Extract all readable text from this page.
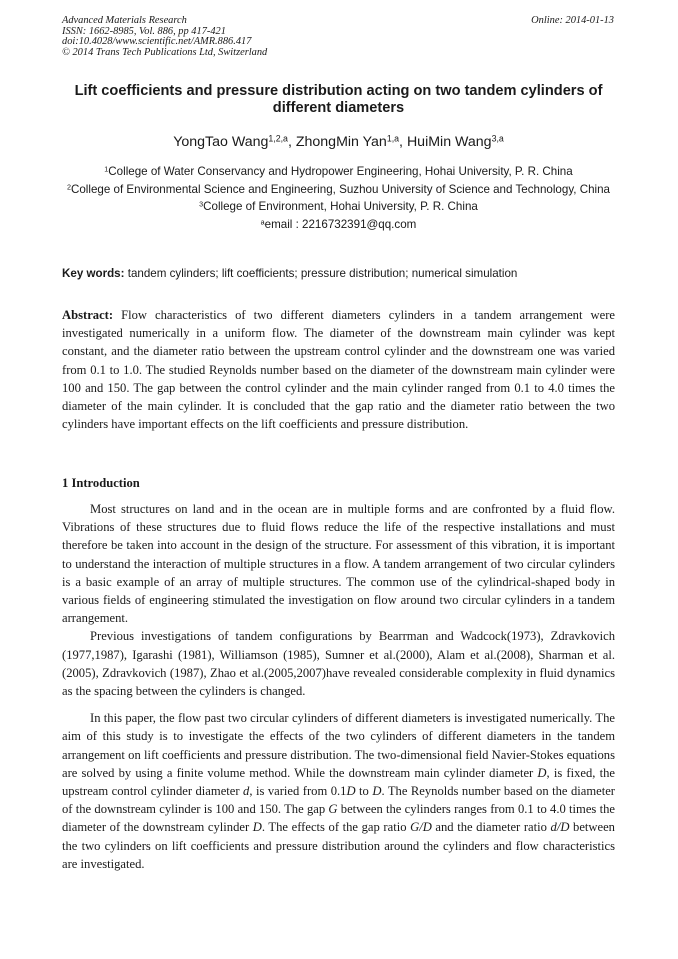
Advanced Materials Research
ISSN: 1662-8985, Vol. 886, pp 417-421
doi:10.4028/www.scientific.net/AMR.886.417
© 2014 Trans Tech Publications Ltd, Switzerland
Online: 2014-01-13
Lift coefficients and pressure distribution acting on two tandem cylinders of different diameters
YongTao Wang$^{1,2,a}$, ZhongMin Yan$^{1,a}$, HuiMin Wang$^{3,a}$
$^1$College of Water Conservancy and Hydropower Engineering, Hohai University, P. R. China
$^2$College of Environmental Science and Engineering, Suzhou University of Science and Technology, China
$^3$College of Environment, Hohai University, P. R. China
$^a$email : 2216732391@qq.com
Key words: tandem cylinders; lift coefficients; pressure distribution; numerical simulation
Abstract: Flow characteristics of two different diameters cylinders in a tandem arrangement were investigated numerically in a uniform flow. The diameter of the downstream main cylinder was kept constant, and the diameter ratio between the upstream control cylinder and the downstream one was varied from 0.1 to 1.0. The studied Reynolds number based on the diameter of the downstream main cylinder were 100 and 150. The gap between the control cylinder and the main cylinder ranged from 0.1 to 4.0 times the diameter of the main cylinder. It is concluded that the gap ratio and the diameter ratio between the two cylinders have important effects on the lift coefficients and pressure distribution.
1 Introduction

Most structures on land and in the ocean are in multiple forms and are confronted by a fluid flow. Vibrations of these structures due to fluid flows reduce the life of the respective installations and must therefore be taken into account in the design of the structure. For assessment of this vibration, it is important to understand the interaction of multiple structures in a flow. A tandem arrangement of two circular cylinders is a basic example of an array of multiple structures. The common use of the cylindrical-shaped body in various fields of engineering stimulated the investigation on flow around two circular cylinders in a tandem arrangement.

Previous investigations of tandem configurations by Bearrman and Wadcock(1973), Zdravkovich (1977,1987), Igarashi (1981), Williamson (1985), Sumner et al.(2000), Alam et al.(2008), Sharman et al. (2005), Zdravkovich (1987), Zhao et al.(2005,2007)have revealed considerable complexity in fluid dynamics as the spacing between the cylinders is changed.

In this paper, the flow past two circular cylinders of different diameters is investigated numerically. The aim of this study is to investigate the effects of the two cylinders of different diameters in the tandem arrangement on lift coefficients and pressure distribution. The two-dimensional field Navier-Stokes equations are solved by using a finite volume method. While the downstream main cylinder diameter D, is fixed, the upstream control cylinder diameter d, is varied from 0.1D to D. The Reynolds number based on the diameter of the downstream cylinder is 100 and 150. The gap G between the cylinders ranges from 0.1 to 4.0 times the diameter of the downstream cylinder D. The effects of the gap ratio G/D and the diameter ratio d/D between the two cylinders on lift coefficients and pressure distribution around the cylinders and flow characteristics are investigated.
